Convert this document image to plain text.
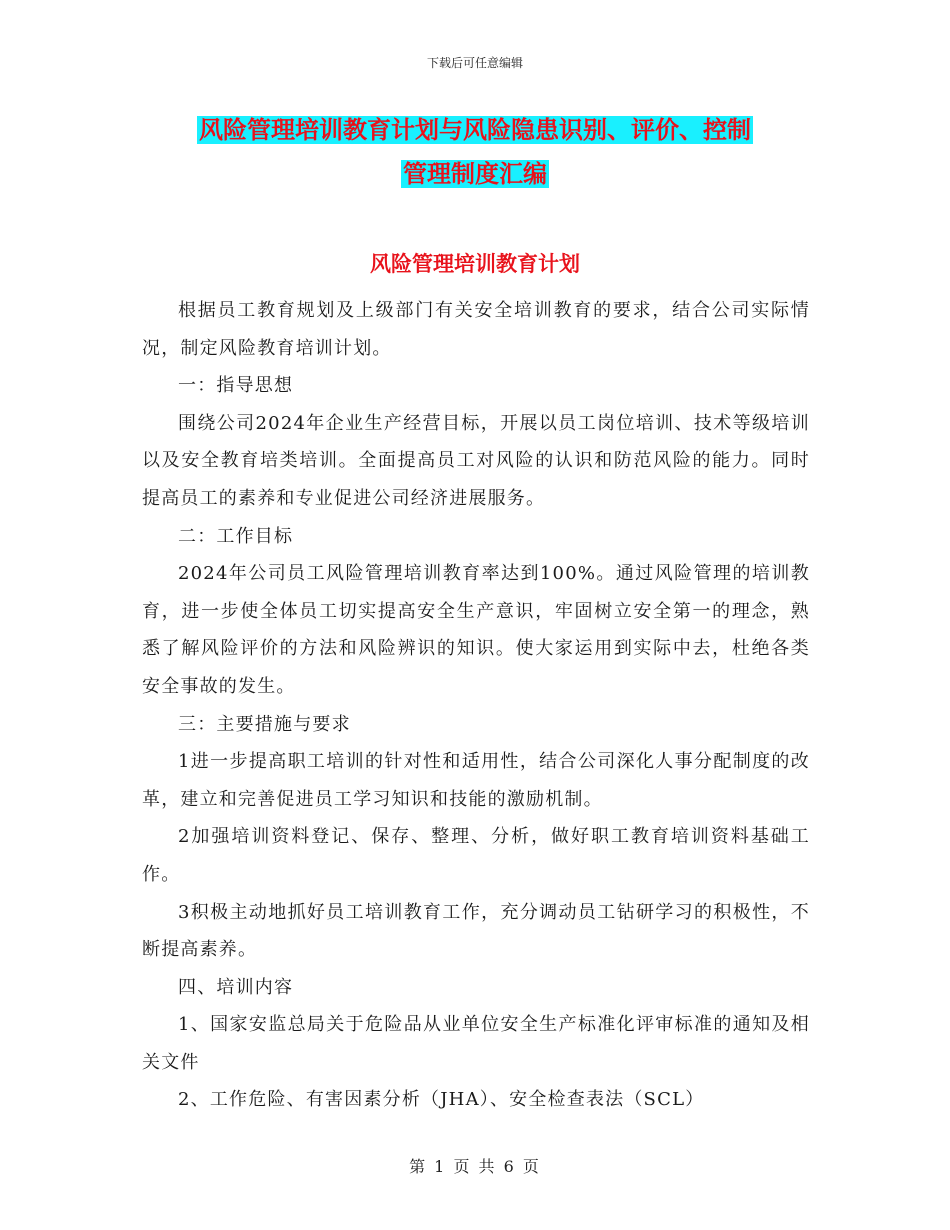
下载后可任意编辑
风险管理培训教育计划与风险隐患识别、评价、控制
管理制度汇编
风险管理培训教育计划

根据员工教育规划及上级部门有关安全培训教育的要求，结合公司实际情况，制定风险教育培训计划。

一：指导思想

围绕公司2024年企业生产经营目标，开展以员工岗位培训、技术等级培训以及安全教育培类培训。全面提高员工对风险的认识和防范风险的能力。同时提高员工的素养和专业促进公司经济进展服务。

二：工作目标

2024年公司员工风险管理培训教育率达到100%。通过风险管理的培训教育，进一步使全体员工切实提高安全生产意识，牢固树立安全第一的理念，熟悉了解风险评价的方法和风险辨识的知识。使大家运用到实际中去，杜绝各类安全事故的发生。

三：主要措施与要求

1进一步提高职工培训的针对性和适用性，结合公司深化人事分配制度的改革，建立和完善促进员工学习知识和技能的激励机制。

2加强培训资料登记、保存、整理、分析，做好职工教育培训资料基础工作。

3积极主动地抓好员工培训教育工作，充分调动员工钻研学习的积极性，不断提高素养。

四、培训内容

1、国家安监总局关于危险品从业单位安全生产标准化评审标准的通知及相关文件

2、工作危险、有害因素分析（JHA）、安全检查表法（SCL）

第 1 页 共 6 页
